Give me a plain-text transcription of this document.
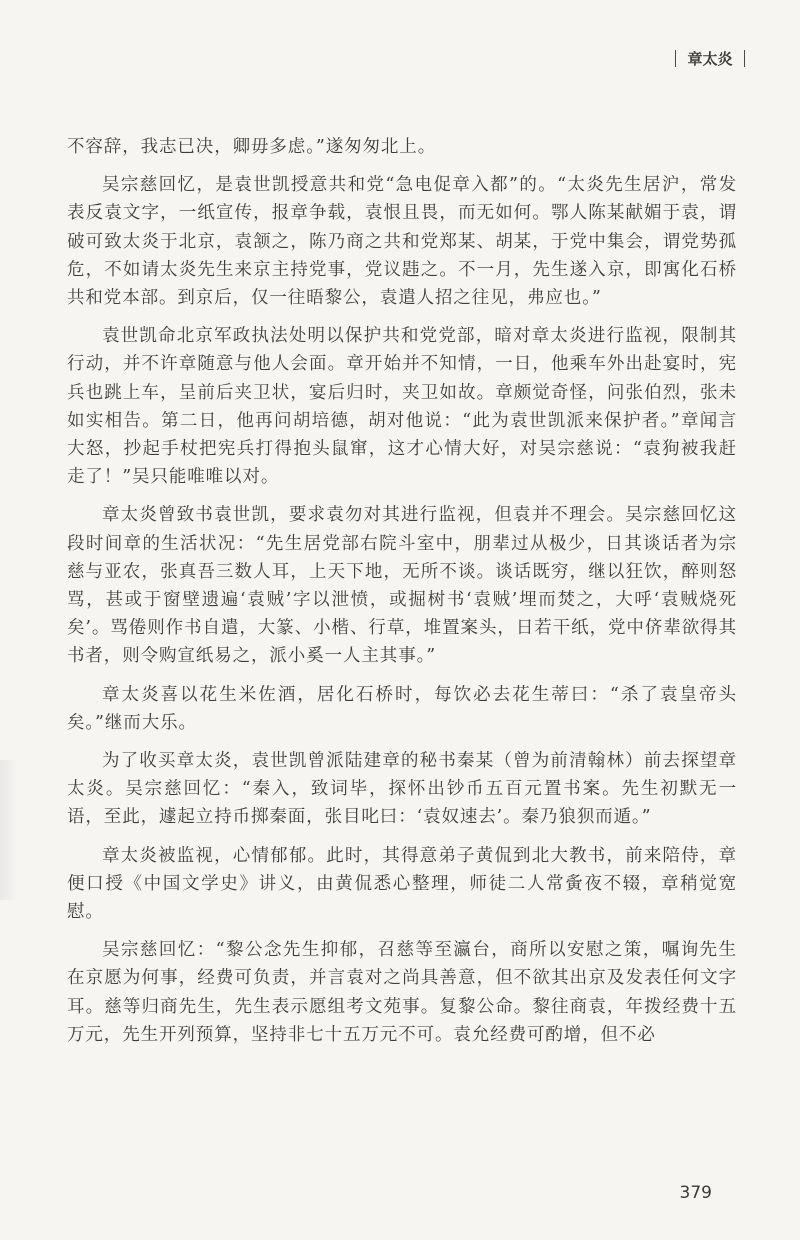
章太炎

不容辞，我志已决，卿毋多虑。”遂匆匆北上。

吴宗慈回忆，是袁世凯授意共和党“急电促章入都”的。“太炎先生居沪，常发表反袁文字，一纸宣传，报章争载，袁恨且畏，而无如何。鄂人陈某献媚于袁，谓破可致太炎于北京，袁颔之，陈乃商之共和党郑某、胡某，于党中集会，谓党势孤危，不如请太炎先生来京主持党事，党议韪之。不一月，先生遂入京，即寓化石桥共和党本部。到京后，仅一往晤黎公，袁遣人招之往见，弗应也。”

袁世凯命北京军政执法处明以保护共和党党部，暗对章太炎进行监视，限制其行动，并不许章随意与他人会面。章开始并不知情，一日，他乘车外出赴宴时，宪兵也跳上车，呈前后夹卫状，宴后归时，夹卫如故。章颇觉奇怪，问张伯烈，张未如实相告。第二日，他再问胡培德，胡对他说：“此为袁世凯派来保护者。”章闻言大怒，抄起手杖把宪兵打得抱头鼠窜，这才心情大好，对吴宗慈说：“袁狗被我赶走了！”吴只能唯唯以对。

章太炎曾致书袁世凯，要求袁勿对其进行监视，但袁并不理会。吴宗慈回忆这段时间章的生活状况：“先生居党部右院斗室中，朋辈过从极少，日其谈话者为宗慈与亚农，张真吾三数人耳，上天下地，无所不谈。谈话既穷，继以狂饮，醉则怒骂，甚或于窗壁遗遍‘袁贼’字以泄愤，或掘树书‘袁贼’埋而焚之，大呼‘袁贼烧死矣’。骂倦则作书自遣，大篆、小楷、行草，堆置案头，日若干纸，党中侪辈欲得其书者，则令购宣纸易之，派小奚一人主其事。”

章太炎喜以花生米佐酒，居化石桥时，每饮必去花生蒂曰：“杀了袁皇帝头矣。”继而大乐。

为了收买章太炎，袁世凯曾派陆建章的秘书秦某（曾为前清翰林）前去探望章太炎。吴宗慈回忆：“秦入，致词毕，探怀出钞币五百元置书案。先生初默无一语，至此，遽起立持币掷秦面，张目叱曰：‘袁奴速去’。秦乃狼狈而遁。”

章太炎被监视，心情郁郁。此时，其得意弟子黄侃到北大教书，前来陪侍，章便口授《中国文学史》讲义，由黄侃悉心整理，师徒二人常夤夜不辍，章稍觉宽慰。

吴宗慈回忆：“黎公念先生抑郁，召慈等至瀛台，商所以安慰之策，嘱询先生在京愿为何事，经费可负责，并言袁对之尚具善意，但不欲其出京及发表任何文字耳。慈等归商先生，先生表示愿组考文苑事。复黎公命。黎往商袁，年拨经费十五万元，先生开列预算，坚持非七十五万元不可。袁允经费可酌增，但不必

379
